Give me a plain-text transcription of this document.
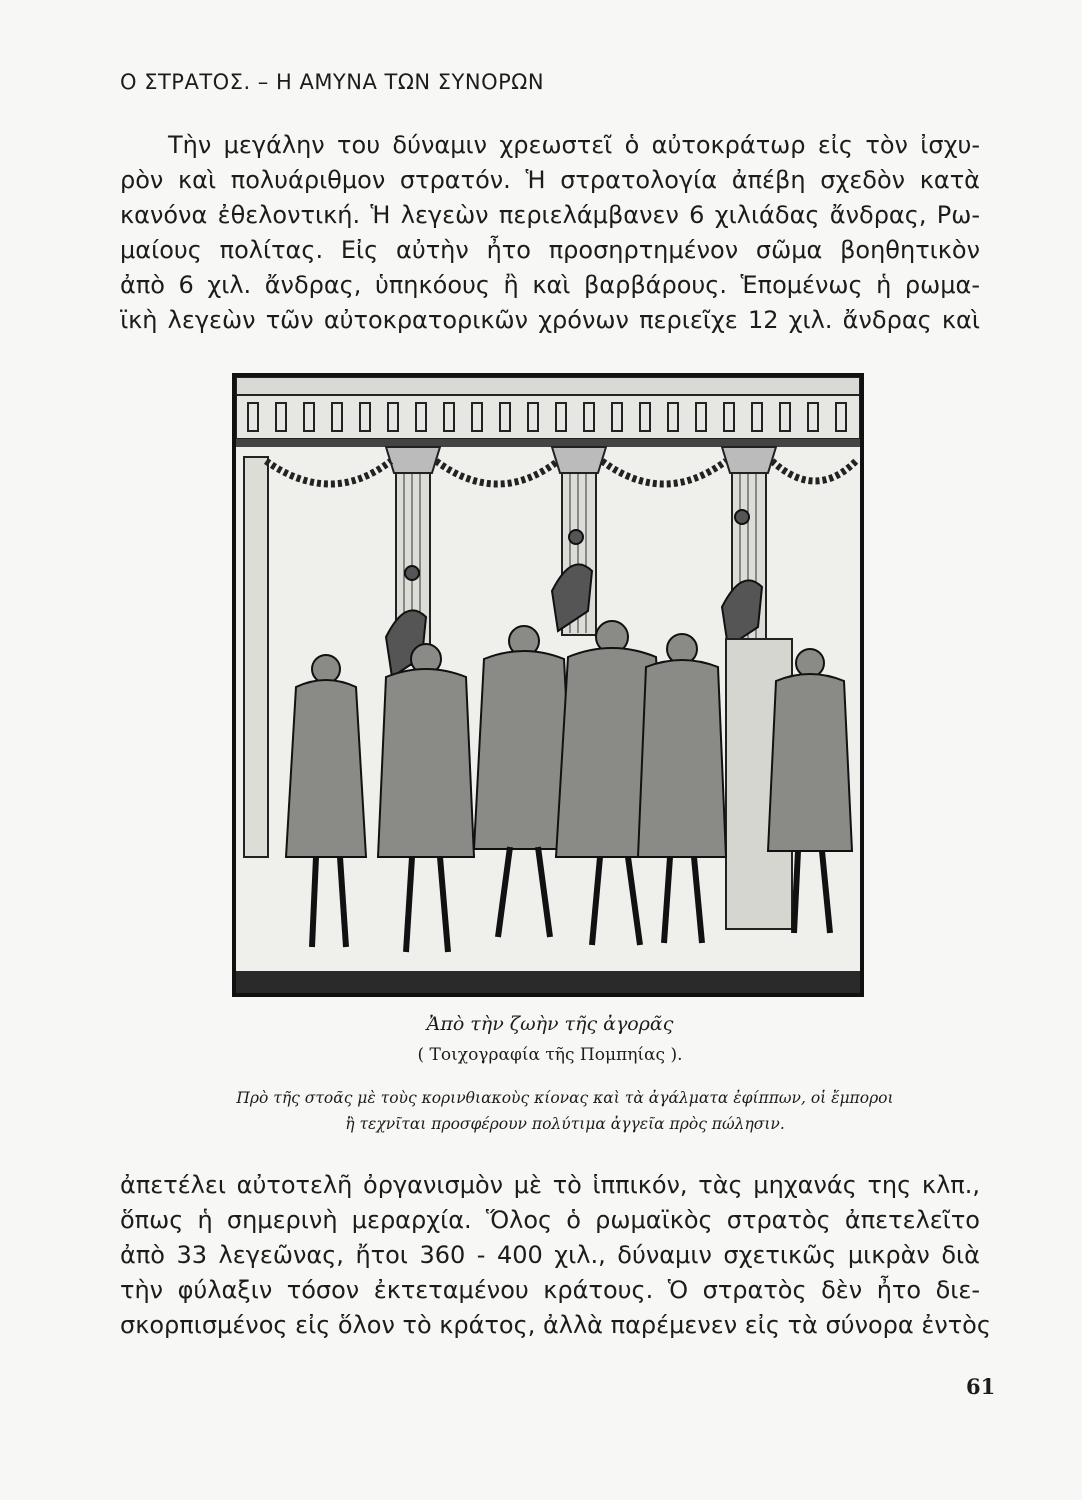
Ο ΣΤΡΑΤΟΣ. – Η ΑΜΥΝΑ ΤΩΝ ΣΥΝΟΡΩΝ
Τὴν μεγάλην του δύναμιν χρεωστεῖ ὁ αὐτοκράτωρ εἰς τὸν ἰσχυ-
ρὸν καὶ πολυάριθμον στρατόν. Ἡ στρατολογία ἀπέβη σχεδὸν κατὰ
κανόνα ἐθελοντική. Ἡ λεγεὼν περιελάμβανεν 6 χιλιάδας ἄνδρας, Ρω-
μαίους πολίτας. Εἰς αὐτὴν ἦτο προσηρτημένον σῶμα βοηθητικὸν
ἀπὸ 6 χιλ. ἄνδρας, ὑπηκόους ἢ καὶ βαρβάρους. Ἑπομένως ἡ ρωμα-
ϊκὴ λεγεὼν τῶν αὐτοκρατορικῶν χρόνων περιεῖχε 12 χιλ. ἄνδρας καὶ
Ἀπὸ τὴν ζωὴν τῆς ἀγορᾶς
( Τοιχογραφία τῆς Πομπηίας ).
Πρὸ τῆς στοᾶς μὲ τοὺς κορινθιακοὺς κίονας καὶ τὰ ἀγάλματα ἐφίππων, οἱ ἔμποροι
ἢ τεχνῖται προσφέρουν πολύτιμα ἀγγεῖα πρὸς πώλησιν.
ἀπετέλει αὐτοτελῆ ὀργανισμὸν μὲ τὸ ἱππικόν, τὰς μηχανάς της κλπ.,
ὅπως ἡ σημερινὴ μεραρχία. Ὅλος ὁ ρωμαϊκὸς στρατὸς ἀπετελεῖτο
ἀπὸ 33 λεγεῶνας, ἤτοι 360 - 400 χιλ., δύναμιν σχετικῶς μικρὰν διὰ
τὴν φύλαξιν τόσον ἐκτεταμένου κράτους. Ὁ στρατὸς δὲν ἦτο διε-
σκορπισμένος εἰς ὅλον τὸ κράτος, ἀλλὰ παρέμενεν εἰς τὰ σύνορα ἐντὸς
61
